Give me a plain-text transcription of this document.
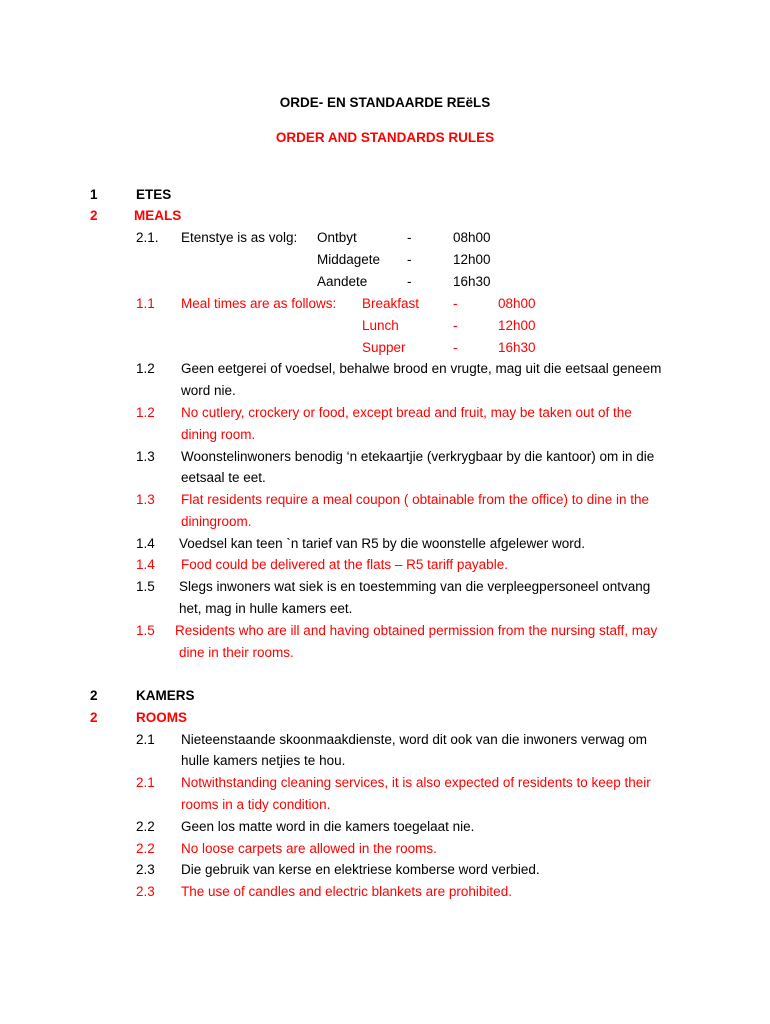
ORDE- EN STANDAARDE REëLS
ORDER AND STANDARDS RULES
1	ETES
2	MEALS
2.1. Etenstye is as volg: Ontbyt	-	08h00
Middagete -	12h00
Aandete	-	16h30
1.1 Meal times are as follows: Breakfast	-	08h00
Lunch	-	12h00
Supper	-	16h30
1.2 Geen eetgerei of voedsel, behalwe brood en vrugte, mag uit die eetsaal geneem
word nie.
1.2 No cutlery, crockery or food, except bread and fruit, may be taken out of the
dining room.
1.3 Woonstelinwoners benodig ‘n etekaartjie (verkrygbaar by die kantoor) om in die
eetsaal te eet.
1.3 Flat residents require a meal coupon ( obtainable from the office) to dine in the
diningroom.
1.4 Voedsel kan teen `n tarief van R5 by die woonstelle afgelewer word.
1.4 Food could be delivered at the flats – R5 tariff payable.
1.5 Slegs inwoners wat siek is en toestemming van die verpleegpersoneel ontvang
het, mag in hulle kamers eet.
1.5 Residents who are ill and having obtained permission from the nursing staff, may
dine in their rooms.
2	KAMERS
2	ROOMS
2.1 Nieteenstaande skoonmaakdienste, word dit ook van die inwoners verwag om
hulle kamers netjies te hou.
2.1 Notwithstanding cleaning services, it is also expected of residents to keep their
rooms in a tidy condition.
2.2 Geen los matte word in die kamers toegelaat nie.
2.2 No loose carpets are allowed in the rooms.
2.3 Die gebruik van kerse en elektriese komberse word verbied.
2.3 The use of candles and electric blankets are prohibited.
